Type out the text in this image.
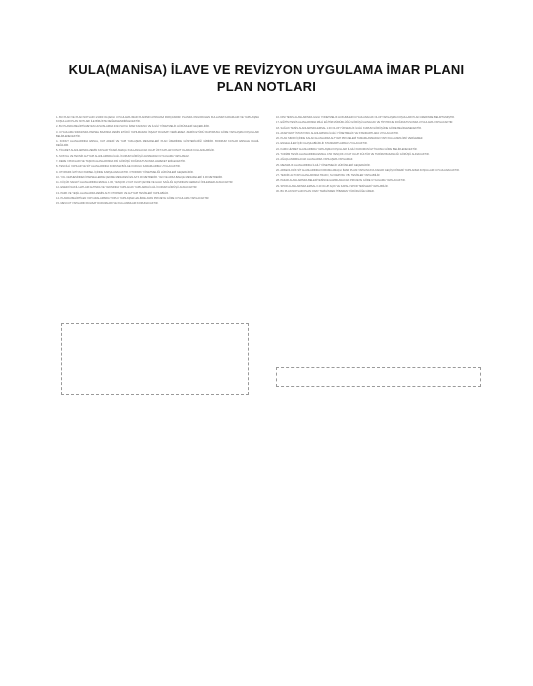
KULA(MANİSA) İLAVE VE REVİZYON UYGULAMA İMAR PLANI
PLAN NOTLARI

1- BU PLAN VE PLAN NOTLARI 1/1000 ÖLÇEKLİ UYGULAMA İMAR PLANININ AYRILMAZ PARÇASIDIR. PLANDA ÖNGÖRÜLEN KULLANIM KARARLARI VE YAPILAŞMA KOŞULLARI PLAN NOTLARI İLE BİRLİKTE DEĞERLENDİRİLECEKTİR.

2- BU PLANDA BELİRTİLMEYEN HUSUSLARDA 3194 SAYILI İMAR KANUNU VE İLGİLİ YÖNETMELİK HÜKÜMLERİ GEÇERLİDİR.

3- UYGULAMA SIRASINDA PARSEL BAZINDA ZEMİN ETÜDÜ YAPILMADAN İNŞAAT RUHSATI VERİLEMEZ. ZEMİN ETÜDÜ RAPORUNA GÖRE YAPILAŞMA KOŞULLARI BELİRLENECEKTİR.

4- KONUT ALANLARINDA EMSAL, KAT ADEDİ VE YAPI YAKLAŞMA MESAFELERİ PLAN ÜZERİNDE GÖSTERİLDİĞİ GİBİDİR. BODRUM KATLAR EMSALE DAHİL DEĞİLDİR.

5- TİCARET ALANLARINDA ZEMİN KATLAR TİCARİ AMAÇLI KULLANILACAK OLUP ÜST KATLAR KONUT OLARAK KULLANILABİLİR.

6- SOSYAL VE TEKNİK ALTYAPI ALANLARINDA İLGİLİ KURUM GÖRÜŞÜ ALINMADAN UYGULAMA YAPILAMAZ.

7- DERE YATAKLARI VE TAŞKIN ALANLARINDA DSİ GÖRÜŞÜ DOĞRULTUSUNDA HAREKET EDİLECEKTİR.

8- TESCİLLİ YAPILAR VE SİT ALANLARINDA KORUMA BÖLGE KURULU KARARLARINA UYULACAKTIR.

9- OTOPARK İHTİYACI PARSEL İÇİNDE KARŞILANACAKTIR. OTOPARK YÖNETMELİĞİ HÜKÜMLERİ GEÇERLİDİR.

10- YOL CEPHESİNDEKİ PARSELLERDE ÇEKME MESAFESİ EN AZ 5.00 METREDİR. YAN VE ARKA BAHÇE MESAFELERİ 3.00 METREDİR.

11- KÜÇÜK SANAYİ ALANLARINDA EMSAL 1.00, YENÇOK 2 KAT OLUP ÇEVRE VE HALK SAĞLIĞI AÇISINDAN GEREKLİ ÖNLEMLER ALINACAKTIR.

12- ENERJİ NAKİL HATLARI ALTINDA VE YAKININDA YAPILACAK YAPILARDA İLGİLİ KURUM GÖRÜŞÜ ALINACAKTIR.

13- PARK VE YEŞİL ALANLARDA ZEMİN ALTI OTOPARK VE ALTYAPI TESİSLERİ YAPILABİLİR.

14- PLANDA BELİRTİLEN YAPI ADALARINDA TOPLU YAPILAŞMA HALİNDE AVAN PROJEYE GÖRE UYGULAMA YAPILACAKTIR.

15- MEVCUT YAPILARIN RUHSAT DURUMLARI VE KULLANIMLARI KORUNACAKTIR.

16- DİNİ TESİS ALANLARINDA İLGİLİ YÖNETMELİK HÜKÜMLERİ UYGULANACAK OLUP YAPILAŞMA KOŞULLARI PLAN ÜZERİNDE BELİRTİLMİŞTİR.

17- EĞİTİM TESİS ALANLARINDA MİLLİ EĞİTİM MÜDÜRLÜĞÜ GÖRÜŞÜ ALINACAK VE TİP PROJE DOĞRULTUSUNDA UYGULAMA YAPILACAKTIR.

18- SAĞLIK TESİS ALANLARINDA EMSAL 1.00 OLUP YÜKSEKLİK İLGİLİ KURUM GÖRÜŞÜNE GÖRE BELİRLENECEKTİR.

19- AKARYAKIT İSTASYONU ALANLARINDA İLGİLİ YÖNETMELİK VE STANDARTLARA UYULACAKTIR.

20- PLAN SINIRI İÇİNDE KALAN ALANLARDA ALTYAPI PROJELERİ TAMAMLANMADAN YAPI KULLANMA İZNİ VERİLEMEZ.

21- ENGELLİLER İÇİN ULAŞILABİLİRLİK STANDARTLARINA UYULACAKTIR.

22- KAMU HİZMET ALANLARINDA YAPILAŞMA KOŞULLARI İLGİLİ KURUMUN İHTİYACINA GÖRE BELİRLENECEKTİR.

23- TURİZM TESİS ALANLARINDA EMSAL 0.50 YENÇOK 2 KAT OLUP KÜLTÜR VE TURİZM BAKANLIĞI GÖRÜŞÜ ALINACAKTIR.

24- AĞAÇLANDIRILACAK ALANLARDA YAPILAŞMA YAPILAMAZ.

25- MEZARLIK ALANLARINDA İLGİLİ YÖNETMELİK HÜKÜMLERİ GEÇERLİDİR.

26- ARKEOLOJİK SİT ALANLARINDA KORUMA AMAÇLI İMAR PLANI YAPILINCAYA KADAR GEÇİŞ DÖNEMİ YAPILANMA KOŞULLARI UYGULANACAKTIR.

27- TEKNİK ALTYAPI ALANLARINDA TRAFO, SU DEPOSU VB. TESİSLER YAPILABİLİR.

28- PAZAR ALANLARINDA BELEDİYESİNCE HAZIRLANACAK PROJEYE GÖRE UYGULAMA YAPILACAKTIR.

29- SPOR ALANLARINDA EMSAL 0.20 OLUP AÇIK VE KAPALI SPOR TESİSLERİ YAPILABİLİR.

30- BU PLAN NOTLARI PLAN ONAY TARİHİNDEN İTİBAREN YÜRÜRLÜĞE GİRER.
